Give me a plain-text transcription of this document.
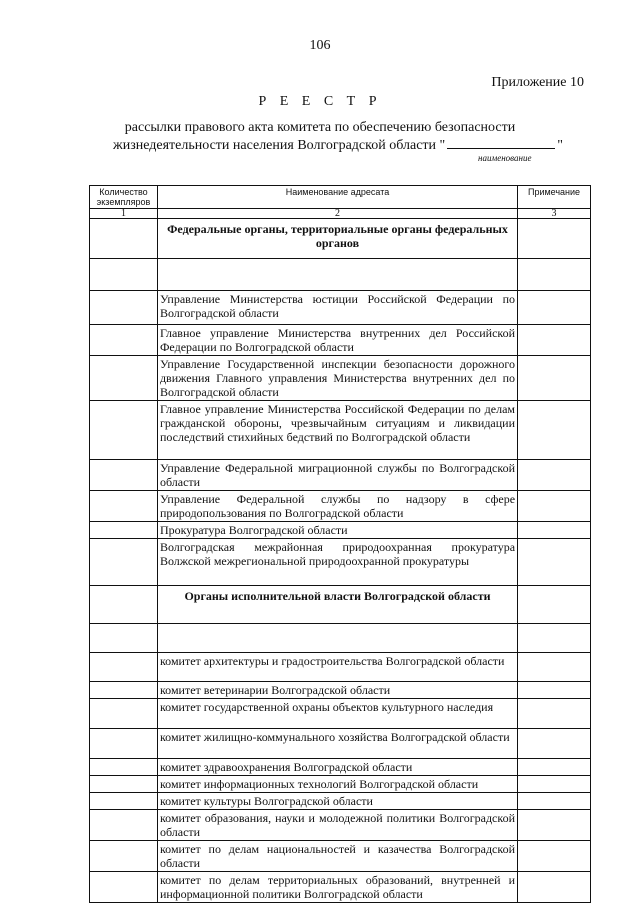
106
Приложение 10
Р Е Е С Т Р
рассылки правового акта комитета по обеспечению безопасности
жизнедеятельности населения Волгоградской области "	"
наименование
Количество экземпляров	Наименование адресата	Примечание
1	2	3
	Федеральные органы, территориальные органы федеральных органов	

	Управление Министерства юстиции Российской Федерации по Волгоградской области	
	Главное управление Министерства внутренних дел Российской Федерации по Волгоградской области	
	Управление Государственной инспекции безопасности дорожного движения Главного управления Министерства внутренних дел по Волгоградской области	
	Главное управление Министерства Российской Федерации по делам гражданской обороны, чрезвычайным ситуациям и ликвидации последствий стихийных бедствий по Волгоградской области	
	Управление Федеральной миграционной службы по Волгоградской области	
	Управление Федеральной службы по надзору в сфере природопользования по Волгоградской области	
	Прокуратура Волгоградской области	
	Волгоградская межрайонная природоохранная прокуратура Волжской межрегиональной природоохранной прокуратуры	
	Органы исполнительной власти Волгоградской области	

	комитет архитектуры и градостроительства Волгоградской области	
	комитет ветеринарии Волгоградской области	
	комитет государственной охраны объектов культурного наследия	
	комитет жилищно-коммунального хозяйства Волгоградской области	
	комитет здравоохранения Волгоградской области	
	комитет информационных технологий Волгоградской области	
	комитет культуры Волгоградской области	
	комитет образования, науки и молодежной политики Волгоградской области	
	комитет по делам национальностей и казачества Волгоградской области	
	комитет по делам территориальных образований, внутренней и информационной политики Волгоградской области	
